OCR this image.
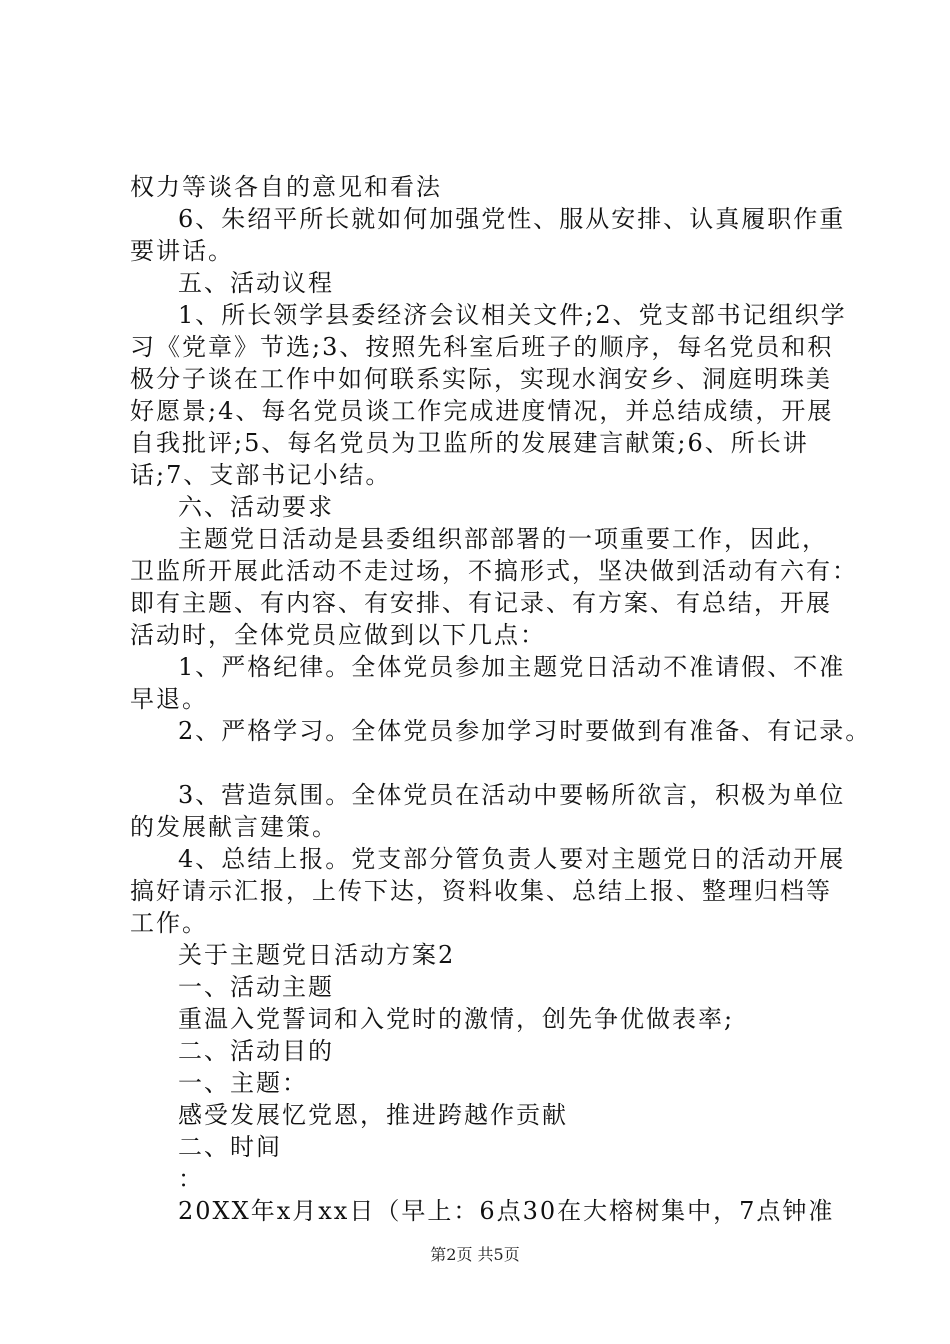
权力等谈各自的意见和看法
6、朱绍平所长就如何加强党性、服从安排、认真履职作重
要讲话。
五、活动议程
1、所长领学县委经济会议相关文件;2、党支部书记组织学
习《党章》节选;3、按照先科室后班子的顺序，每名党员和积
极分子谈在工作中如何联系实际，实现水润安乡、洞庭明珠美
好愿景;4、每名党员谈工作完成进度情况，并总结成绩，开展
自我批评;5、每名党员为卫监所的发展建言献策;6、所长讲
话;7、支部书记小结。
六、活动要求
主题党日活动是县委组织部部署的一项重要工作，因此，
卫监所开展此活动不走过场，不搞形式，坚决做到活动有六有：
即有主题、有内容、有安排、有记录、有方案、有总结，开展
活动时，全体党员应做到以下几点：
1、严格纪律。全体党员参加主题党日活动不准请假、不准
早退。
2、严格学习。全体党员参加学习时要做到有准备、有记录。
3、营造氛围。全体党员在活动中要畅所欲言，积极为单位
的发展献言建策。
4、总结上报。党支部分管负责人要对主题党日的活动开展
搞好请示汇报，上传下达，资料收集、总结上报、整理归档等
工作。
关于主题党日活动方案2
一、活动主题
重温入党誓词和入党时的激情，创先争优做表率;
二、活动目的
一、主题：
感受发展忆党恩，推进跨越作贡献
二、时间
：
20XX年x月xx日（早上：6点30在大榕树集中，7点钟准
第2页 共5页
